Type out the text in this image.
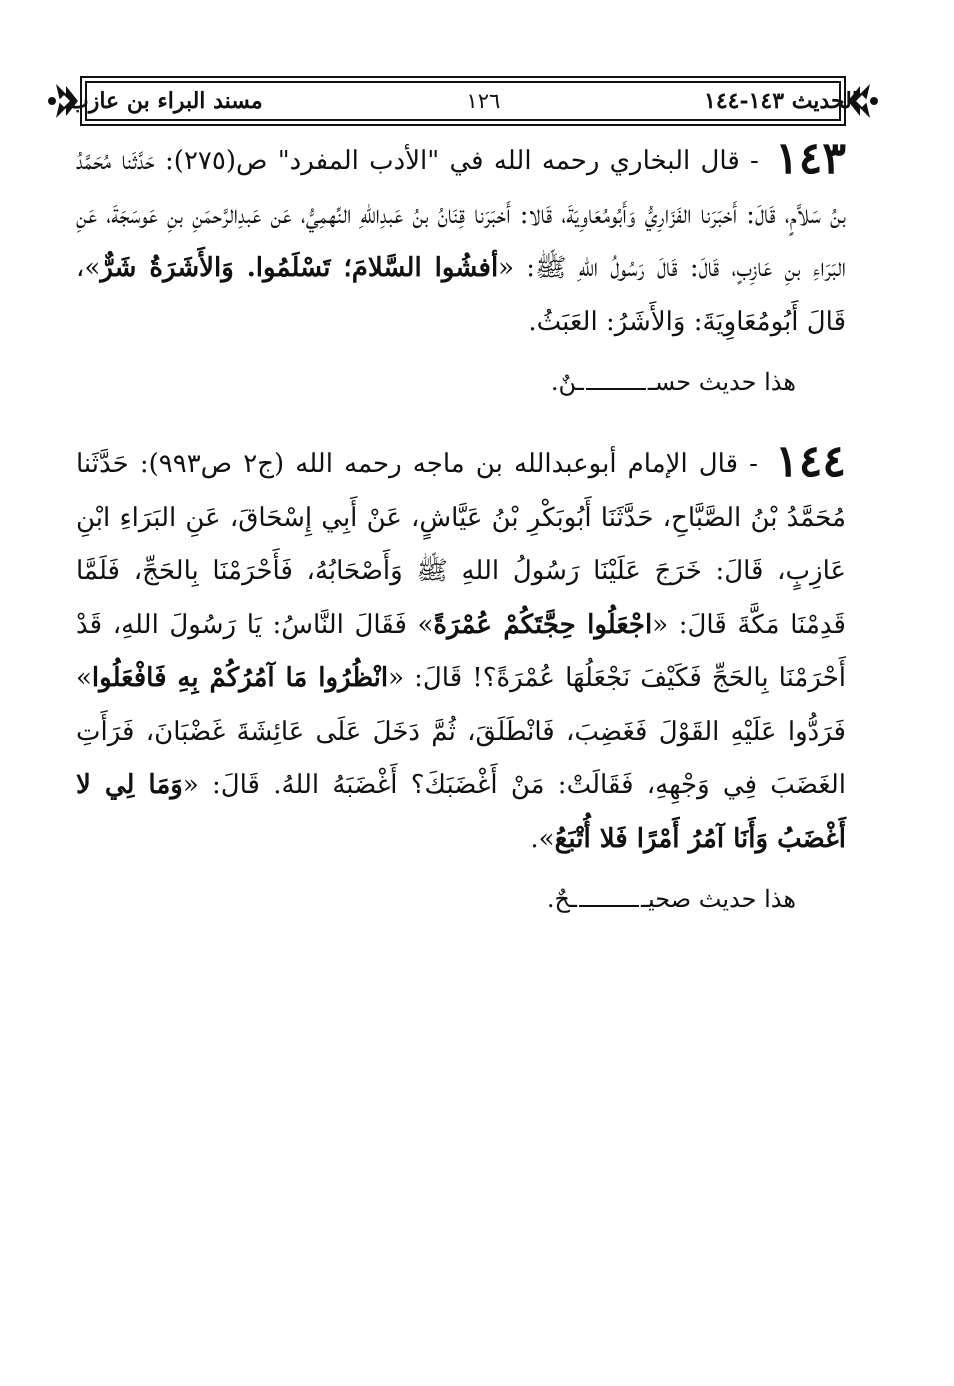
الحديث ١٤٣-١٤٤
١٢٦
مسند البراء بن عازب

١٤٣ - قال البخاري رحمه الله في "الأدب المفرد" ص(٢٧٥): حَدَّثَنا مُحَمَّدُ بنُ سَلاَّمٍ، قَالَ: أَخبَرَنا الفَزَارِيُّ وَأَبُومُعَاوِيَةَ، قَالا: أَخبَرَنا قِنَانُ بنُ عَبدِاللهِ النِّهمِيُّ، عَن عَبدِالرَّحمَنِ بنِ عَوسَجَةَ، عَنِ البَرَاءِ بنِ عَازِبٍ، قَالَ: قَالَ رَسُولُ اللهِ ﷺ: «أفشُوا السَّلامَ؛ تَسْلَمُوا. وَالأَشَرَةُ شَرٌّ»، قَالَ أَبُومُعَاوِيَةَ: وَالأَشَرُ: العَبَثُ.

هذا حديث حســنٌ.

١٤٤ - قال الإمام أبوعبدالله بن ماجه رحمه الله (ج٢ ص٩٩٣): حَدَّثَنا مُحَمَّدُ بْنُ الصَّبَّاحِ، حَدَّثَنَا أَبُوبَكْرِ بْنُ عَيَّاشٍ، عَنْ أَبِي إِسْحَاقَ، عَنِ البَرَاءِ ابْنِ عَازِبٍ، قَالَ: خَرَجَ عَلَيْنَا رَسُولُ اللهِ ﷺ وَأَصْحَابُهُ، فَأَحْرَمْنَا بِالحَجِّ، فَلَمَّا قَدِمْنَا مَكَّةَ قَالَ: «اجْعَلُوا حِجَّتَكُمْ عُمْرَةً» فَقَالَ النَّاسُ: يَا رَسُولَ اللهِ، قَدْ أَحْرَمْنَا بِالحَجِّ فَكَيْفَ نَجْعَلُهَا عُمْرَةً؟! قَالَ: «انْظُرُوا مَا آمُرُكُمْ بِهِ فَافْعَلُوا» فَرَدُّوا عَلَيْهِ القَوْلَ فَغَضِبَ، فَانْطَلَقَ، ثُمَّ دَخَلَ عَلَى عَائِشَةَ غَضْبَانَ، فَرَأَتِ الغَضَبَ فِي وَجْهِهِ، فَقَالَتْ: مَنْ أَغْضَبَكَ؟ أَغْضَبَهُ اللهُ. قَالَ: «وَمَا لِي لا أَغْضَبُ وَأَنَا آمُرُ أَمْرًا فَلا أُتْبَعُ».

هذا حديث صحيــحٌ.
